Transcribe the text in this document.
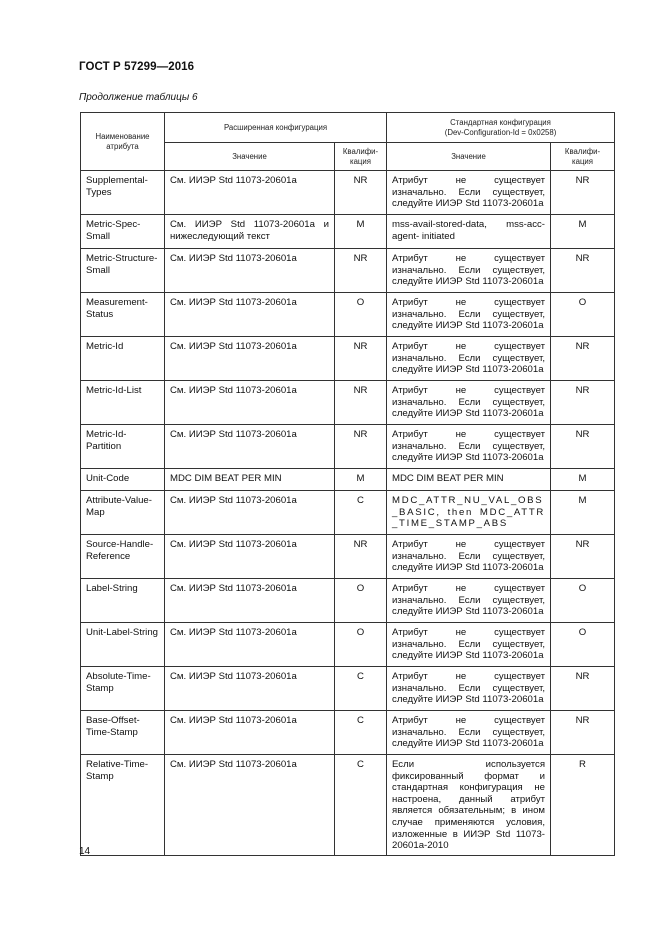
ГОСТ Р 57299—2016
Продолжение таблицы 6
Наименование атрибута	Расширенная конфигурация		Стандартная конфигурация
(Dev-Configuration-Id = 0x0258)	

	Значение	Квалифи-кация	Значение	Квалифи-кация
Supplemental-Types	См. ИИЭР Std 11073-20601a	NR	Атрибут не существует изначально. Если существует, следуйте ИИЭР Std 11073-20601a	NR
Metric-Spec-Small	См. ИИЭР Std 11073-20601a и нижеследующий текст	M	mss-avail-stored-data, mss-acc-agent- initiated	M
Metric-Structure-Small	См. ИИЭР Std 11073-20601a	NR	Атрибут не существует изначально. Если существует, следуйте ИИЭР Std 11073-20601a	NR
Measurement-Status	См. ИИЭР Std 11073-20601a	O	Атрибут не существует изначально. Если существует, следуйте ИИЭР Std 11073-20601a	O
Metric-Id	См. ИИЭР Std 11073-20601a	NR	Атрибут не существует изначально. Если существует, следуйте ИИЭР Std 11073-20601a	NR
Metric-Id-List	См. ИИЭР Std 11073-20601a	NR	Атрибут не существует изначально. Если существует, следуйте ИИЭР Std 11073-20601a	NR
Metric-Id-Partition	См. ИИЭР Std 11073-20601a	NR	Атрибут не существует изначально. Если существует, следуйте ИИЭР Std 11073-20601a	NR
Unit-Code	MDC DIM BEAT PER MIN	M	MDC DIM BEAT PER MIN	M
Attribute-Value-Map	См. ИИЭР Std 11073-20601a	C	MDC_ATTR_NU_VAL_OBS_BASIC, then MDC_ATTR_TIME_STAMP_ABS	M
Source-Handle-Reference	См. ИИЭР Std 11073-20601a	NR	Атрибут не существует изначально. Если существует, следуйте ИИЭР Std 11073-20601a	NR
Label-String	См. ИИЭР Std 11073-20601a	O	Атрибут не существует изначально. Если существует, следуйте ИИЭР Std 11073-20601a	O
Unit-Label-String	См. ИИЭР Std 11073-20601a	O	Атрибут не существует изначально. Если существует, следуйте ИИЭР Std 11073-20601a	O
Absolute-Time-Stamp	См. ИИЭР Std 11073-20601a	C	Атрибут не существует изначально. Если существует, следуйте ИИЭР Std 11073-20601a	NR
Base-Offset-Time-Stamp	См. ИИЭР Std 11073-20601a	C	Атрибут не существует изначально. Если существует, следуйте ИИЭР Std 11073-20601a	NR
Relative-Time-Stamp	См. ИИЭР Std 11073-20601a	C	Если используется фиксированный формат и стандартная конфигурация не настроена, данный атрибут является обязательным; в ином случае применяются условия, изложенные в ИИЭР Std 11073-20601a-2010	R
14
